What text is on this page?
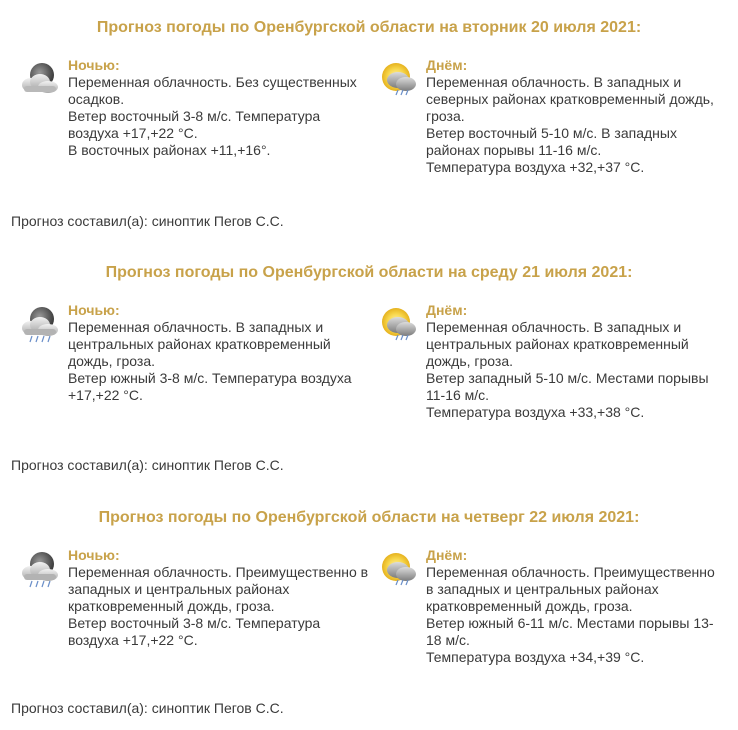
Прогноз погоды по Оренбургской области на вторник 20 июля 2021:
Ночью:
Переменная облачность. Без существенных осадков.
Ветер восточный 3-8 м/с. Температура воздуха +17,+22 °С.
В восточных районах +11,+16°.
Днём:
Переменная облачность. В западных и северных районах кратковременный дождь, гроза.
Ветер восточный 5-10 м/с. В западных районах порывы 11-16 м/с.
Температура воздуха +32,+37 °С.
Прогноз составил(а): синоптик Пегов С.С.
Прогноз погоды по Оренбургской области на среду 21 июля 2021:
Ночью:
Переменная облачность. В западных и центральных районах кратковременный дождь, гроза.
Ветер южный 3-8 м/с. Температура воздуха +17,+22 °С.
Днём:
Переменная облачность. В западных и центральных районах кратковременный дождь, гроза.
Ветер западный 5-10 м/с. Местами порывы 11-16 м/с.
Температура воздуха +33,+38 °С.
Прогноз составил(а): синоптик Пегов С.С.
Прогноз погоды по Оренбургской области на четверг 22 июля 2021:
Ночью:
Переменная облачность. Преимущественно в западных и центральных районах кратковременный дождь, гроза.
Ветер восточный 3-8 м/с. Температура воздуха +17,+22 °С.
Днём:
Переменная облачность. Преимущественно в западных и центральных районах кратковременный дождь, гроза.
Ветер южный 6-11 м/с. Местами порывы 13-18 м/с.
Температура воздуха +34,+39 °С.
Прогноз составил(а): синоптик Пегов С.С.
